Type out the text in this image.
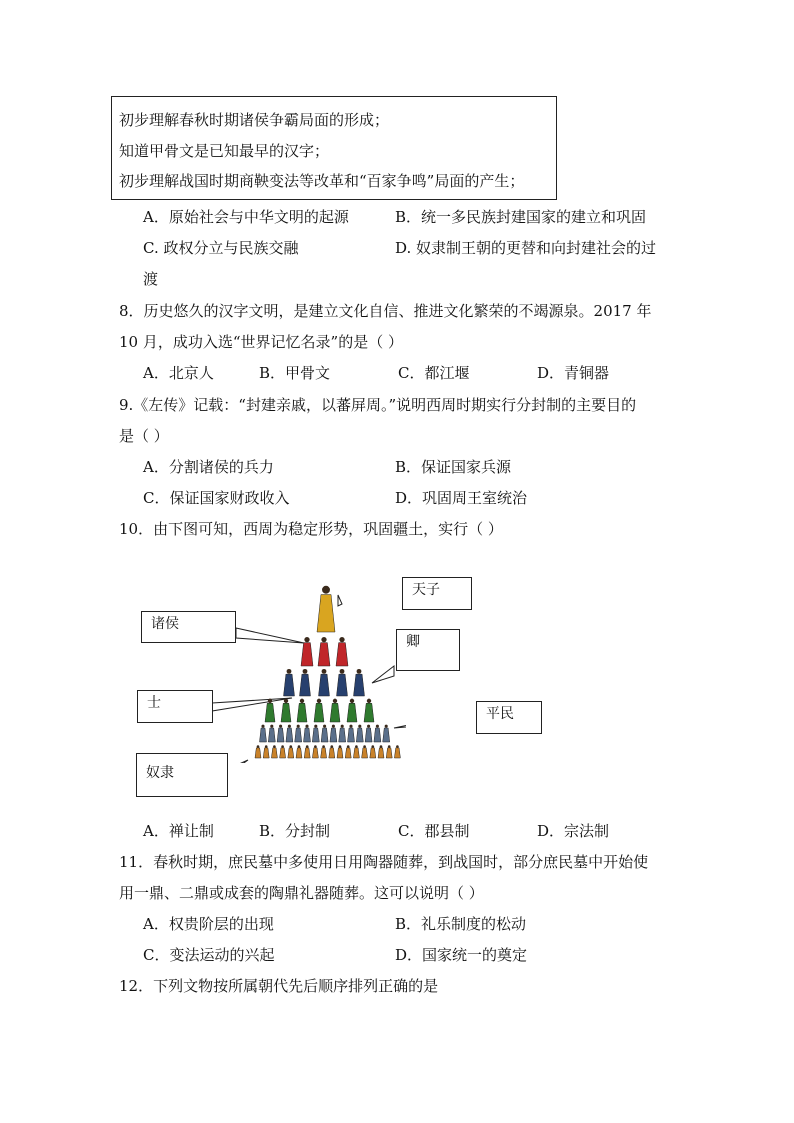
初步理解春秋时期诸侯争霸局面的形成；
知道甲骨文是已知最早的汉字；
初步理解战国时期商鞅变法等改革和“百家争鸣”局面的产生；
A．原始社会与中华文明的起源	B．统一多民族封建国家的建立和巩固
C. 政权分立与民族交融	D. 奴隶制王朝的更替和向封建社会的过
渡
8．历史悠久的汉字文明，是建立文化自信、推进文化繁荣的不竭源泉。2017 年
10 月，成功入选“世界记忆名录”的是（ ）
A．北京人	B．甲骨文	C．都江堰	D．青铜器
9.《左传》记载：“封建亲戚，以蕃屏周。”说明西周时期实行分封制的主要目的
是（ ）
A．分割诸侯的兵力	B．保证国家兵源
C．保证国家财政收入	D．巩固周王室统治
10．由下图可知，西周为稳定形势，巩固疆土，实行（ ）
天子
诸侯
卿
士
平民
奴隶
A．禅让制	B．分封制	C．郡县制	D．宗法制
11．春秋时期，庶民墓中多使用日用陶器随葬，到战国时，部分庶民墓中开始使
用一鼎、二鼎或成套的陶鼎礼器随葬。这可以说明（ ）
A．权贵阶层的出现	B．礼乐制度的松动
C．变法运动的兴起	D．国家统一的奠定
12．下列文物按所属朝代先后顺序排列正确的是
